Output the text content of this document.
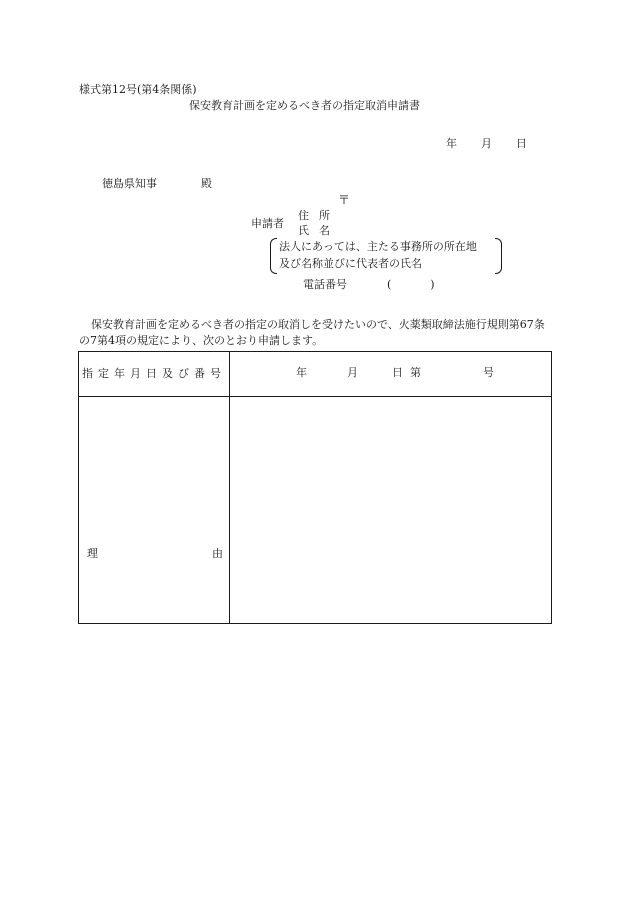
様式第12号(第4条関係)
保安教育計画を定めるべき者の指定取消申請書
年 月 日
徳島県知事	殿
〒
申請者
住所
氏名
法人にあっては、主たる事務所の所在地
及び名称並びに代表者の氏名
電話番号	(　)
保安教育計画を定めるべき者の指定の取消しを受けたいので、火薬類取締法施行規則第67条の7第4項の規定により、次のとおり申請します。
指定年月日及び番号	年 月 日 第 号

理 由	
